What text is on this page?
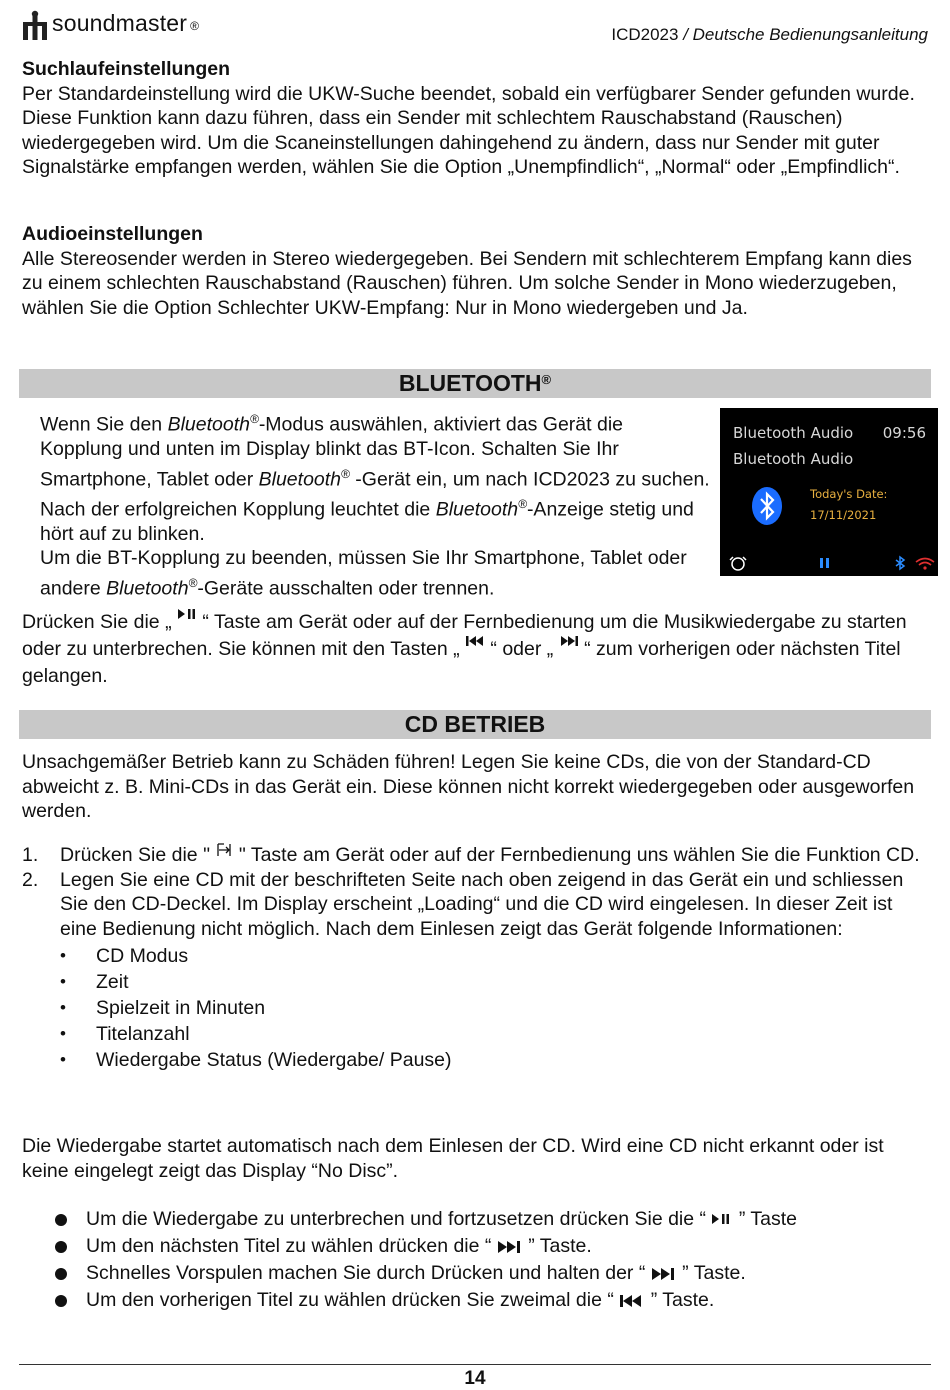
soundmaster ®	ICD2023 / Deutsche Bedienungsanleitung
Suchlaufeinstellungen
Per Standardeinstellung wird die UKW-Suche beendet, sobald ein verfügbarer Sender gefunden wurde. Diese Funktion kann dazu führen, dass ein Sender mit schlechtem Rauschabstand (Rauschen) wiedergegeben wird. Um die Scaneinstellungen dahingehend zu ändern, dass nur Sender mit guter Signalstärke empfangen werden, wählen Sie die Option „Unempfindlich“, „Normal“ oder „Empfindlich“.
Audioeinstellungen
Alle Stereosender werden in Stereo wiedergegeben. Bei Sendern mit schlechterem Empfang kann dies zu einem schlechten Rauschabstand (Rauschen) führen. Um solche Sender in Mono wiederzugeben, wählen Sie die Option Schlechter UKW-Empfang: Nur in Mono wiedergeben und Ja.
BLUETOOTH®
Wenn Sie den Bluetooth®-Modus auswählen, aktiviert das Gerät die Kopplung und unten im Display blinkt das BT-Icon. Schalten Sie Ihr Smartphone, Tablet oder Bluetooth® -Gerät ein, um nach ICD2023 zu suchen.
Nach der erfolgreichen Kopplung leuchtet die Bluetooth®-Anzeige stetig und hört auf zu blinken.
Um die BT-Kopplung zu beenden, müssen Sie Ihr Smartphone, Tablet oder andere Bluetooth®-Geräte ausschalten oder trennen.
Bluetooth Audio 09:56
Bluetooth Audio
Today's Date:
17/11/2021
Drücken Sie die „  “ Taste am Gerät oder auf der Fernbedienung um die Musikwiedergabe zu starten oder zu unterbrechen. Sie können mit den Tasten „  “ oder „  “ zum vorherigen oder nächsten Titel gelangen.
CD BETRIEB
Unsachgemäßer Betrieb kann zu Schäden führen! Legen Sie keine CDs, die von der Standard-CD abweicht z. B. Mini-CDs in das Gerät ein. Diese können nicht korrekt wiedergegeben oder ausgeworfen werden.
1. Drücken Sie die " " Taste am Gerät oder auf der Fernbedienung uns wählen Sie die Funktion CD.
2. Legen Sie eine CD mit der beschrifteten Seite nach oben zeigend in das Gerät ein und schliessen Sie den CD-Deckel. Im Display erscheint „Loading“ und die CD wird eingelesen. In dieser Zeit ist eine Bedienung nicht möglich. Nach dem Einlesen zeigt das Gerät folgende Informationen:
• CD Modus
• Zeit
• Spielzeit in Minuten
• Titelanzahl
• Wiedergabe Status (Wiedergabe/ Pause)
Die Wiedergabe startet automatisch nach dem Einlesen der CD. Wird eine CD nicht erkannt oder ist keine eingelegt zeigt das Display “No Disc”.
Um die Wiedergabe zu unterbrechen und fortzusetzen drücken Sie die “  ” Taste
Um den nächsten Titel zu wählen drücken die “  ” Taste.
Schnelles Vorspulen machen Sie durch Drücken und halten der “  ” Taste.
Um den vorherigen Titel zu wählen drücken Sie zweimal die “  ” Taste.
14
